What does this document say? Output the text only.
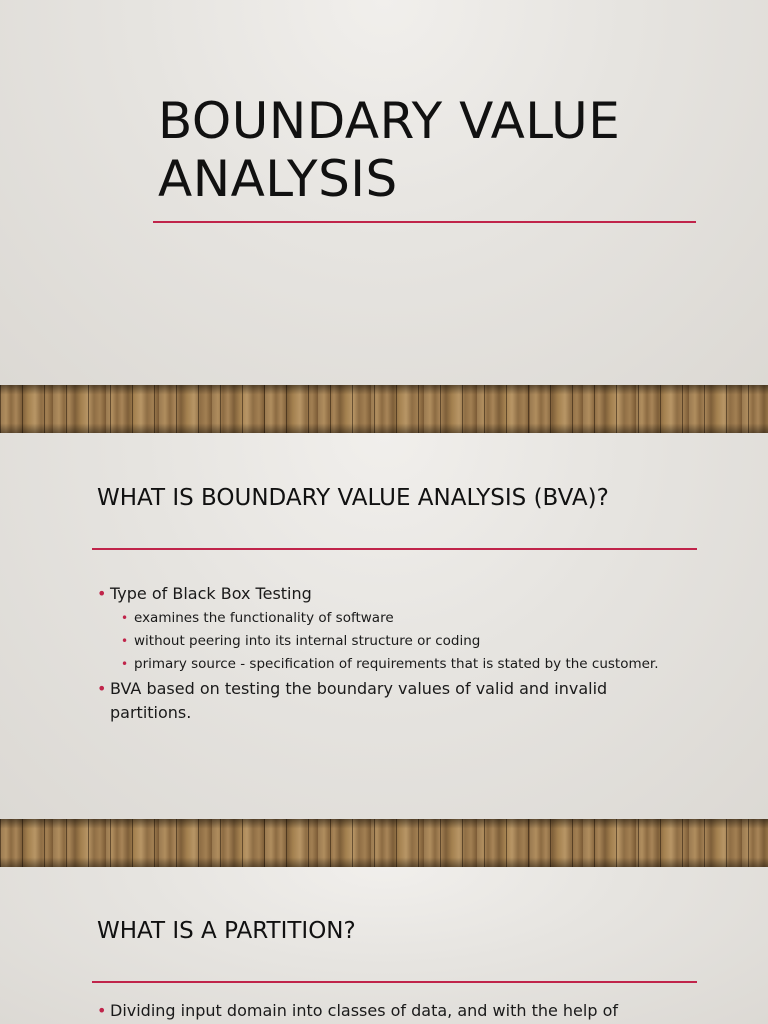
BOUNDARY VALUE ANALYSIS
WHAT IS BOUNDARY VALUE ANALYSIS (BVA)?
• Type of Black Box Testing
• examines the functionality of software
• without peering into its internal structure or coding
• primary source - specification of requirements that is stated by the customer.
• BVA based on testing the boundary values of valid and invalid partitions.
WHAT IS A PARTITION?
• Dividing input domain into classes of data, and with the help of
